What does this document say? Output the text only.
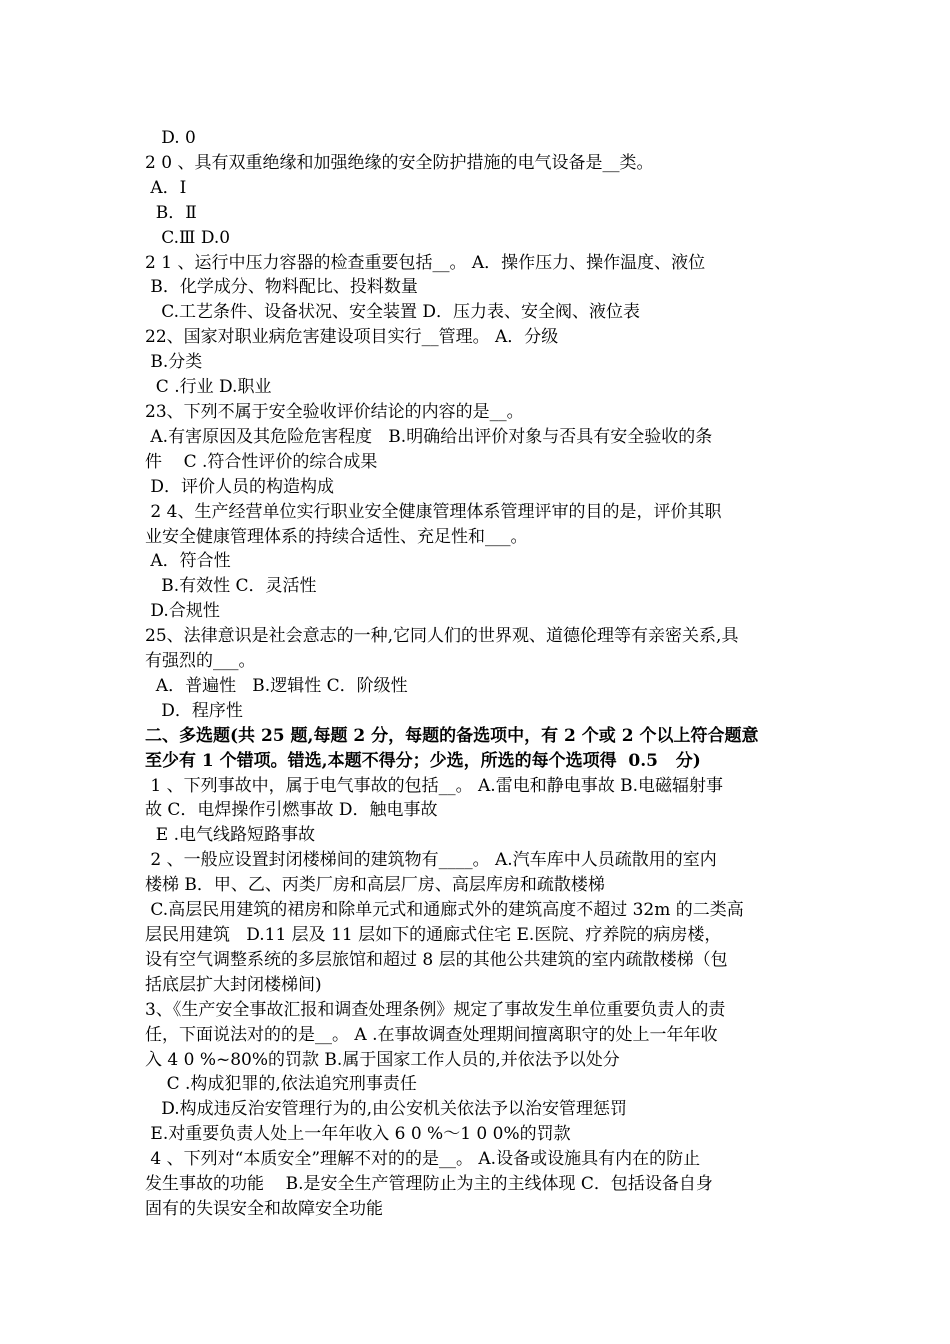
D. 0
2 0 、具有双重绝缘和加强绝缘的安全防护措施的电气设备是__类。
A．Ⅰ
B．Ⅱ
C.Ⅲ D.0
2 1 、运行中压力容器的检查重要包括__。 A．操作压力、操作温度、液位
B．化学成分、物料配比、投料数量
C.工艺条件、设备状况、安全装置 D．压力表、安全阀、液位表
22、国家对职业病危害建设项目实行__管理。 A．分级
B.分类
C .行业 D.职业
23、下列不属于安全验收评价结论的内容的是__。
A.有害原因及其危险危害程度   B.明确给出评价对象与否具有安全验收的条
件    C .符合性评价的综合成果
D．评价人员的构造构成
2 4、生产经营单位实行职业安全健康管理体系管理评审的目的是，评价其职
业安全健康管理体系的持续合适性、充足性和___。
A．符合性
B.有效性 C．灵活性
D.合规性
25、法律意识是社会意志的一种,它同人们的世界观、道德伦理等有亲密关系,具
有强烈的___。
A．普遍性   B.逻辑性 C．阶级性
D．程序性
二、多选题(共 25 题,每题 2 分，每题的备选项中，有 2 个或 2 个以上符合题意
至少有 1 个错项。错选,本题不得分；少选，所选的每个选项得  0.5   分)
1 、下列事故中，属于电气事故的包括__。 A.雷电和静电事故 B.电磁辐射事
故 C．电焊操作引燃事故 D．触电事故
E .电气线路短路事故
2 、一般应设置封闭楼梯间的建筑物有____。 A.汽车库中人员疏散用的室内
楼梯 B．甲、乙、丙类厂房和高层厂房、高层库房和疏散楼梯
C.高层民用建筑的裙房和除单元式和通廊式外的建筑高度不超过 32m 的二类高
层民用建筑   D.11 层及 11 层如下的通廊式住宅 E.医院、疗养院的病房楼，
设有空气调整系统的多层旅馆和超过 8 层的其他公共建筑的室内疏散楼梯（包
括底层扩大封闭楼梯间)
3、《生产安全事故汇报和调查处理条例》规定了事故发生单位重要负责人的责
任，下面说法对的的是__。 A .在事故调查处理期间擅离职守的处上一年年收
入 4 0 %~80%的罚款 B.属于国家工作人员的,并依法予以处分
C .构成犯罪的,依法追究刑事责任
D.构成违反治安管理行为的,由公安机关依法予以治安管理惩罚
E.对重要负责人处上一年年收入 6 0 %～1 0 0%的罚款
4 、下列对“本质安全”理解不对的的是__。 A.设备或设施具有内在的防止
发生事故的功能    B.是安全生产管理防止为主的主线体现 C．包括设备自身
固有的失误安全和故障安全功能
